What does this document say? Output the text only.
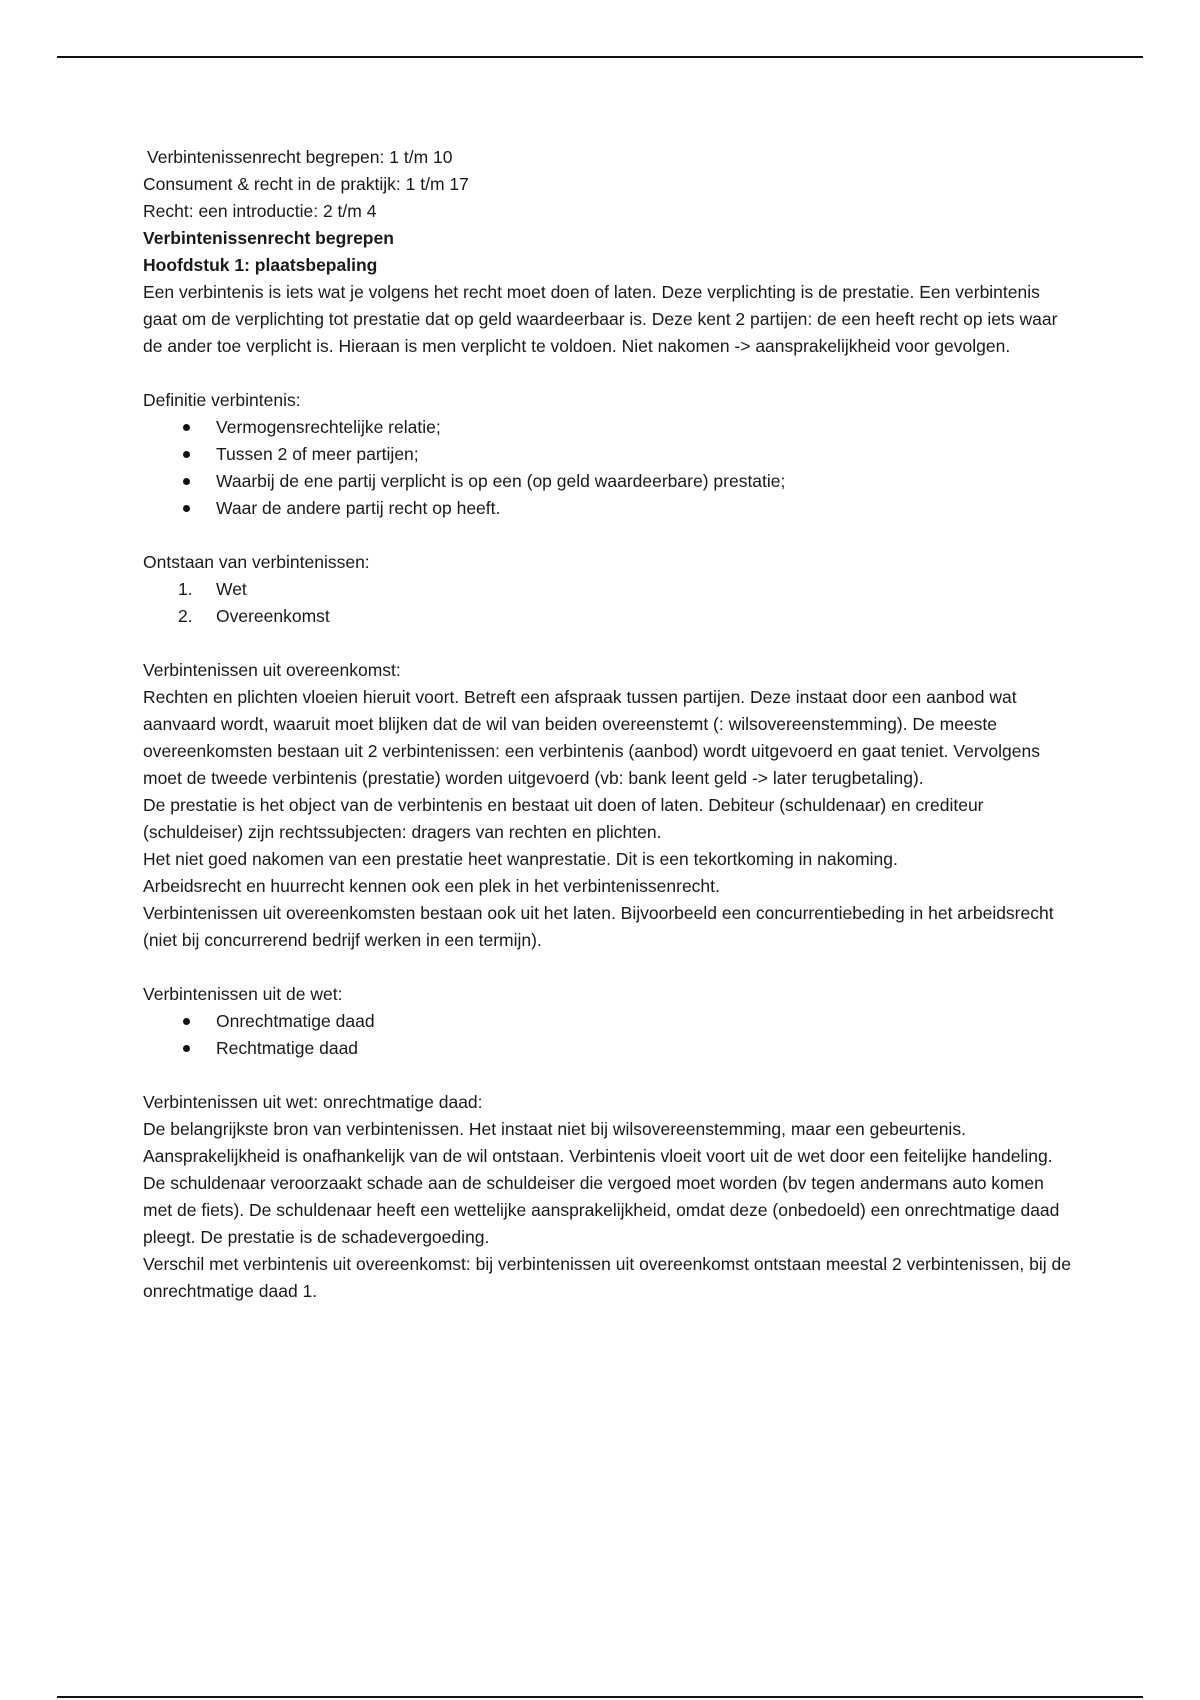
Verbintenissenrecht begrepen: 1 t/m 10

Consument & recht in de praktijk: 1 t/m 17

Recht: een introductie: 2 t/m 4

Verbintenissenrecht begrepen

Hoofdstuk 1: plaatsbepaling

Een verbintenis is iets wat je volgens het recht moet doen of laten. Deze verplichting is de prestatie. Een verbintenis gaat om de verplichting tot prestatie dat op geld waardeerbaar is. Deze kent 2 partijen: de een heeft recht op iets waar de ander toe verplicht is. Hieraan is men verplicht te voldoen. Niet nakomen -> aansprakelijkheid voor gevolgen.

Definitie verbintenis:

Vermogensrechtelijke relatie;
Tussen 2 of meer partijen;
Waarbij de ene partij verplicht is op een (op geld waardeerbare) prestatie;
Waar de andere partij recht op heeft.

Ontstaan van verbintenissen:

1. Wet
2. Overeenkomst

Verbintenissen uit overeenkomst:

Rechten en plichten vloeien hieruit voort. Betreft een afspraak tussen partijen. Deze instaat door een aanbod wat aanvaard wordt, waaruit moet blijken dat de wil van beiden overeenstemt (: wilsovereenstemming). De meeste overeenkomsten bestaan uit 2 verbintenissen: een verbintenis (aanbod) wordt uitgevoerd en gaat teniet. Vervolgens moet de tweede verbintenis (prestatie) worden uitgevoerd (vb: bank leent geld -> later terugbetaling).

De prestatie is het object van de verbintenis en bestaat uit doen of laten. Debiteur (schuldenaar) en crediteur (schuldeiser) zijn rechtssubjecten: dragers van rechten en plichten.

Het niet goed nakomen van een prestatie heet wanprestatie. Dit is een tekortkoming in nakoming.

Arbeidsrecht en huurrecht kennen ook een plek in het verbintenissenrecht.

Verbintenissen uit overeenkomsten bestaan ook uit het laten. Bijvoorbeeld een concurrentiebeding in het arbeidsrecht (niet bij concurrerend bedrijf werken in een termijn).

Verbintenissen uit de wet:

Onrechtmatige daad
Rechtmatige daad

Verbintenissen uit wet: onrechtmatige daad:

De belangrijkste bron van verbintenissen. Het instaat niet bij wilsovereenstemming, maar een gebeurtenis. Aansprakelijkheid is onafhankelijk van de wil ontstaan. Verbintenis vloeit voort uit de wet door een feitelijke handeling.

De schuldenaar veroorzaakt schade aan de schuldeiser die vergoed moet worden (bv tegen andermans auto komen met de fiets). De schuldenaar heeft een wettelijke aansprakelijkheid, omdat deze (onbedoeld) een onrechtmatige daad pleegt. De prestatie is de schadevergoeding.

Verschil met verbintenis uit overeenkomst: bij verbintenissen uit overeenkomst ontstaan meestal 2 verbintenissen, bij de onrechtmatige daad 1.
